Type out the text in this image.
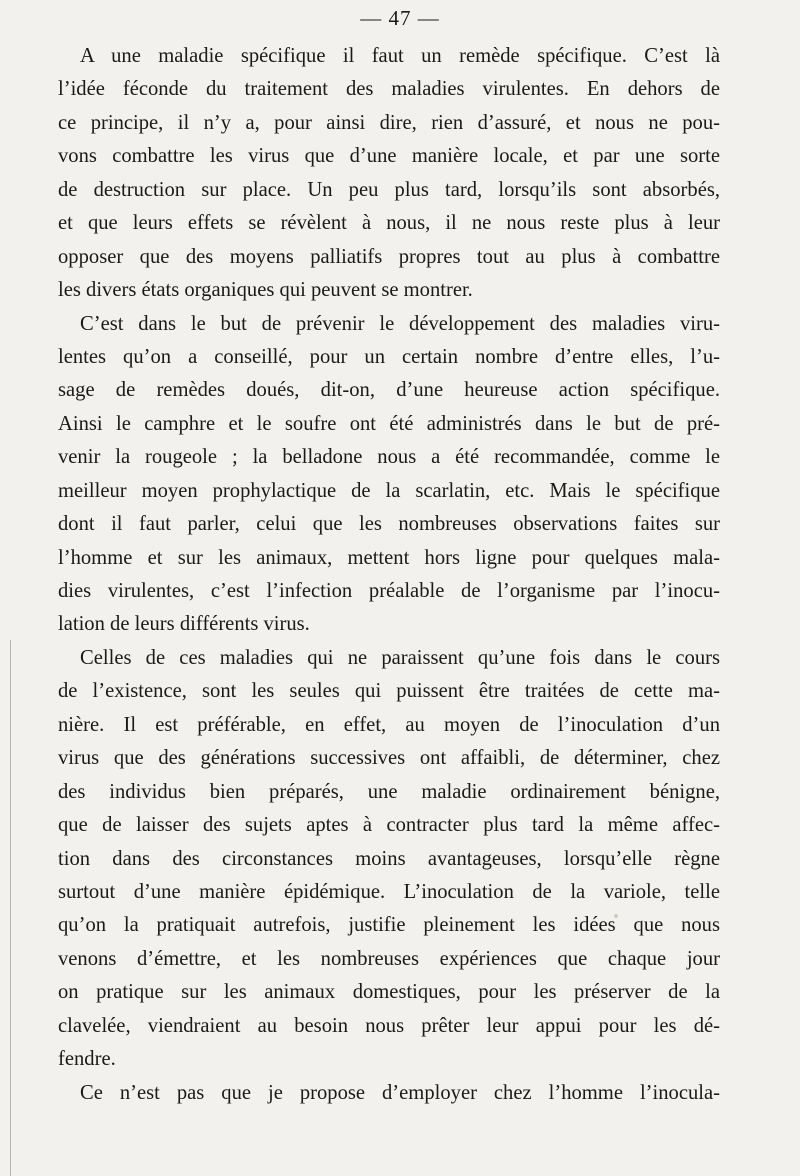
— 47 —
A une maladie spécifique il faut un remède spécifique. C’est là
l’idée féconde du traitement des maladies virulentes. En dehors de
ce principe, il n’y a, pour ainsi dire, rien d’assuré, et nous ne pou-
vons combattre les virus que d’une manière locale, et par une sorte
de destruction sur place. Un peu plus tard, lorsqu’ils sont absorbés,
et que leurs effets se révèlent à nous, il ne nous reste plus à leur
opposer que des moyens palliatifs propres tout au plus à combattre
les divers états organiques qui peuvent se montrer.
C’est dans le but de prévenir le développement des maladies viru-
lentes qu’on a conseillé, pour un certain nombre d’entre elles, l’u-
sage de remèdes doués, dit-on, d’une heureuse action spécifique.
Ainsi le camphre et le soufre ont été administrés dans le but de pré-
venir la rougeole ; la belladone nous a été recommandée, comme le
meilleur moyen prophylactique de la scarlatin, etc. Mais le spécifique
dont il faut parler, celui que les nombreuses observations faites sur
l’homme et sur les animaux, mettent hors ligne pour quelques mala-
dies virulentes, c’est l’infection préalable de l’organisme par l’inocu-
lation de leurs différents virus.
Celles de ces maladies qui ne paraissent qu’une fois dans le cours
de l’existence, sont les seules qui puissent être traitées de cette ma-
nière. Il est préférable, en effet, au moyen de l’inoculation d’un
virus que des générations successives ont affaibli, de déterminer, chez
des individus bien préparés, une maladie ordinairement bénigne,
que de laisser des sujets aptes à contracter plus tard la même affec-
tion dans des circonstances moins avantageuses, lorsqu’elle règne
surtout d’une manière épidémique. L’inoculation de la variole, telle
qu’on la pratiquait autrefois, justifie pleinement les idées que nous
venons d’émettre, et les nombreuses expériences que chaque jour
on pratique sur les animaux domestiques, pour les préserver de la
clavelée, viendraient au besoin nous prêter leur appui pour les dé-
fendre.
Ce n’est pas que je propose d’employer chez l’homme l’inocula-
